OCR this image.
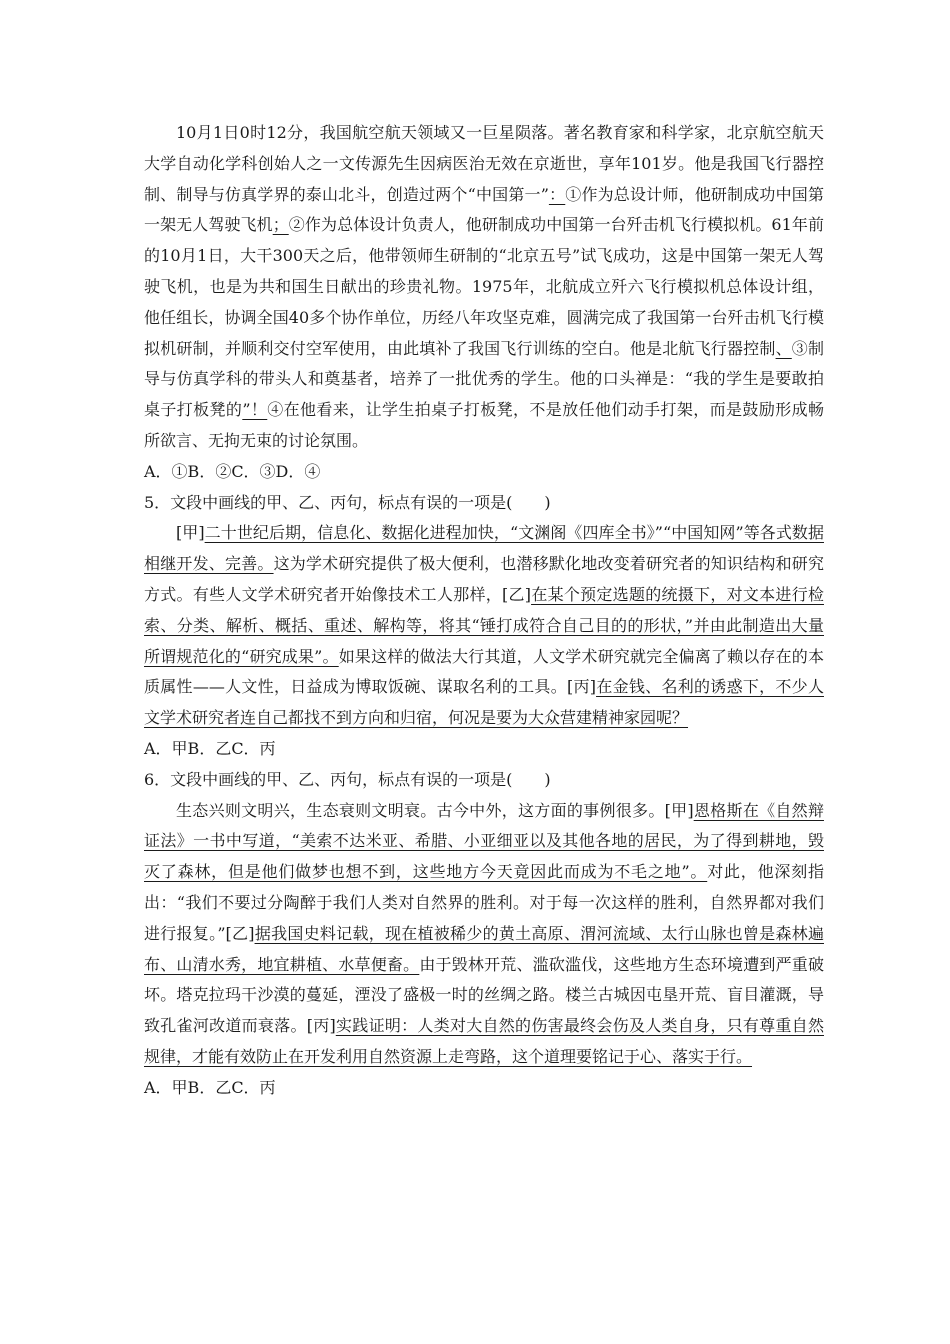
10月1日0时12分，我国航空航天领域又一巨星陨落。著名教育家和科学家，北京航空航天大学自动化学科创始人之一文传源先生因病医治无效在京逝世，享年101岁。他是我国飞行器控制、制导与仿真学界的泰山北斗，创造过两个“中国第一”：①作为总设计师，他研制成功中国第一架无人驾驶飞机；②作为总体设计负责人，他研制成功中国第一台歼击机飞行模拟机。61年前的10月1日，大干300天之后，他带领师生研制的“北京五号”试飞成功，这是中国第一架无人驾驶飞机，也是为共和国生日献出的珍贵礼物。1975年，北航成立歼六飞行模拟机总体设计组，他任组长，协调全国40多个协作单位，历经八年攻坚克难，圆满完成了我国第一台歼击机飞行模拟机研制，并顺利交付空军使用，由此填补了我国飞行训练的空白。他是北航飞行器控制、③制导与仿真学科的带头人和奠基者，培养了一批优秀的学生。他的口头禅是：“我的学生是要敢拍桌子打板凳的”！④在他看来，让学生拍桌子打板凳，不是放任他们动手打架，而是鼓励形成畅所欲言、无拘无束的讨论氛围。

A．①B．②C．③D．④

5．文段中画线的甲、乙、丙句，标点有误的一项是(　　)

[甲]二十世纪后期，信息化、数据化进程加快，“文渊阁《四库全书》”“中国知网”等各式数据相继开发、完善。这为学术研究提供了极大便利，也潜移默化地改变着研究者的知识结构和研究方式。有些人文学术研究者开始像技术工人那样，[乙]在某个预定选题的统摄下，对文本进行检索、分类、解析、概括、重述、解构等，将其“锤打成符合自己目的的形状，”并由此制造出大量所谓规范化的“研究成果”。如果这样的做法大行其道，人文学术研究就完全偏离了赖以存在的本质属性——人文性，日益成为博取饭碗、谋取名利的工具。[丙]在金钱、名利的诱惑下，不少人文学术研究者连自己都找不到方向和归宿，何况是要为大众营建精神家园呢？

A．甲B．乙C．丙

6．文段中画线的甲、乙、丙句，标点有误的一项是(　　)

生态兴则文明兴，生态衰则文明衰。古今中外，这方面的事例很多。[甲]恩格斯在《自然辩证法》一书中写道，“美索不达米亚、希腊、小亚细亚以及其他各地的居民，为了得到耕地，毁灭了森林，但是他们做梦也想不到，这些地方今天竟因此而成为不毛之地”。对此，他深刻指出：“我们不要过分陶醉于我们人类对自然界的胜利。对于每一次这样的胜利，自然界都对我们进行报复。”[乙]据我国史料记载，现在植被稀少的黄土高原、渭河流域、太行山脉也曾是森林遍布、山清水秀，地宜耕植、水草便畜。由于毁林开荒、滥砍滥伐，这些地方生态环境遭到严重破坏。塔克拉玛干沙漠的蔓延，湮没了盛极一时的丝绸之路。楼兰古城因屯垦开荒、盲目灌溉，导致孔雀河改道而衰落。[丙]实践证明：人类对大自然的伤害最终会伤及人类自身，只有尊重自然规律，才能有效防止在开发利用自然资源上走弯路，这个道理要铭记于心、落实于行。

A．甲B．乙C．丙
